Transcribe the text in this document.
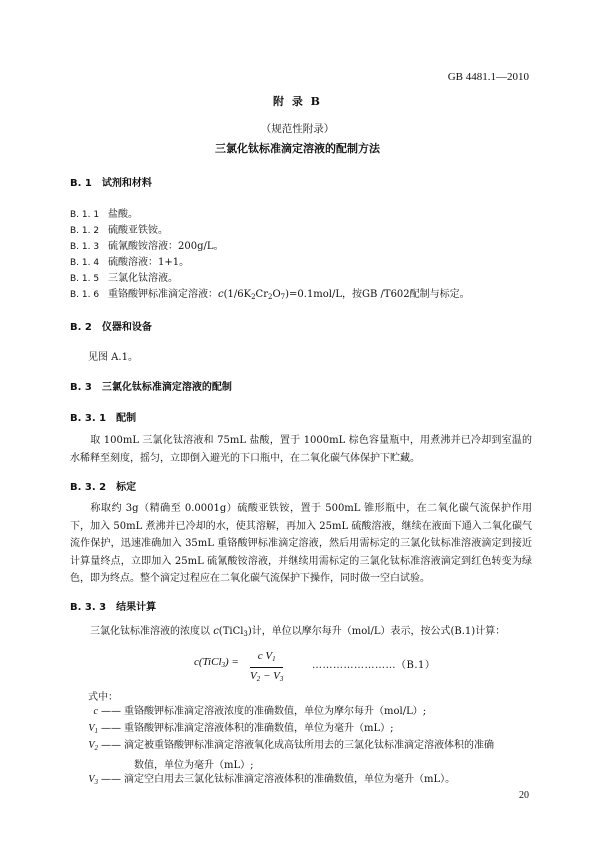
GB 4481.1—2010
附 录 B
（规范性附录）
三氯化钛标准滴定溶液的配制方法
B. 1　试剂和材料
B. 1. 1 盐酸。
B. 1. 2 硫酸亚铁铵。
B. 1. 3 硫氰酸铵溶液：200g/L。
B. 1. 4 硫酸溶液：1+1。
B. 1. 5 三氯化钛溶液。
B. 1. 6 重铬酸钾标准滴定溶液：$c(1/6K_2Cr_2O_7)=0.1mol/L$，按GB /T602配制与标定。
B. 2　仪器和设备
见图 A.1。
B. 3　三氯化钛标准滴定溶液的配制
B. 3. 1　配制
取 100mL 三氯化钛溶液和 75mL 盐酸，置于 1000mL 棕色容量瓶中，用煮沸并已冷却到室温的水稀释至刻度，摇匀，立即倒入避光的下口瓶中，在二氧化碳气体保护下贮藏。
B. 3. 2　标定
称取约 3g（精确至 0.0001g）硫酸亚铁铵，置于 500mL 锥形瓶中，在二氧化碳气流保护作用下，加入 50mL 煮沸并已冷却的水，使其溶解，再加入 25mL 硫酸溶液，继续在液面下通入二氧化碳气流作保护，迅速准确加入 35mL 重铬酸钾标准滴定溶液，然后用需标定的三氯化钛标准溶液滴定到接近计算量终点，立即加入 25mL 硫氰酸铵溶液，并继续用需标定的三氯化钛标准溶液滴定到红色转变为绿色，即为终点。整个滴定过程应在二氧化碳气流保护下操作，同时做一空白试验。
B. 3. 3　结果计算
三氯化钛标准溶液的浓度以 c(TiCl$_3$)计，单位以摩尔每升（mol/L）表示，按公式(B.1)计算：
c(TiCl$_3$) = $\frac{c V_1}{V_2 - V_3}$	……………………（B.1）
式中：
c —— 重铬酸钾标准滴定溶液浓度的准确数值，单位为摩尔每升（mol/L）;
$V_1$ —— 重铬酸钾标准滴定溶液体积的准确数值，单位为毫升（mL）;
$V_2$ —— 滴定被重铬酸钾标准滴定溶液氧化成高钛所用去的三氯化钛标准滴定溶液体积的准确
数值，单位为毫升（mL）;
$V_3$ —— 滴定空白用去三氯化钛标准滴定溶液体积的准确数值，单位为毫升（mL）。
20
